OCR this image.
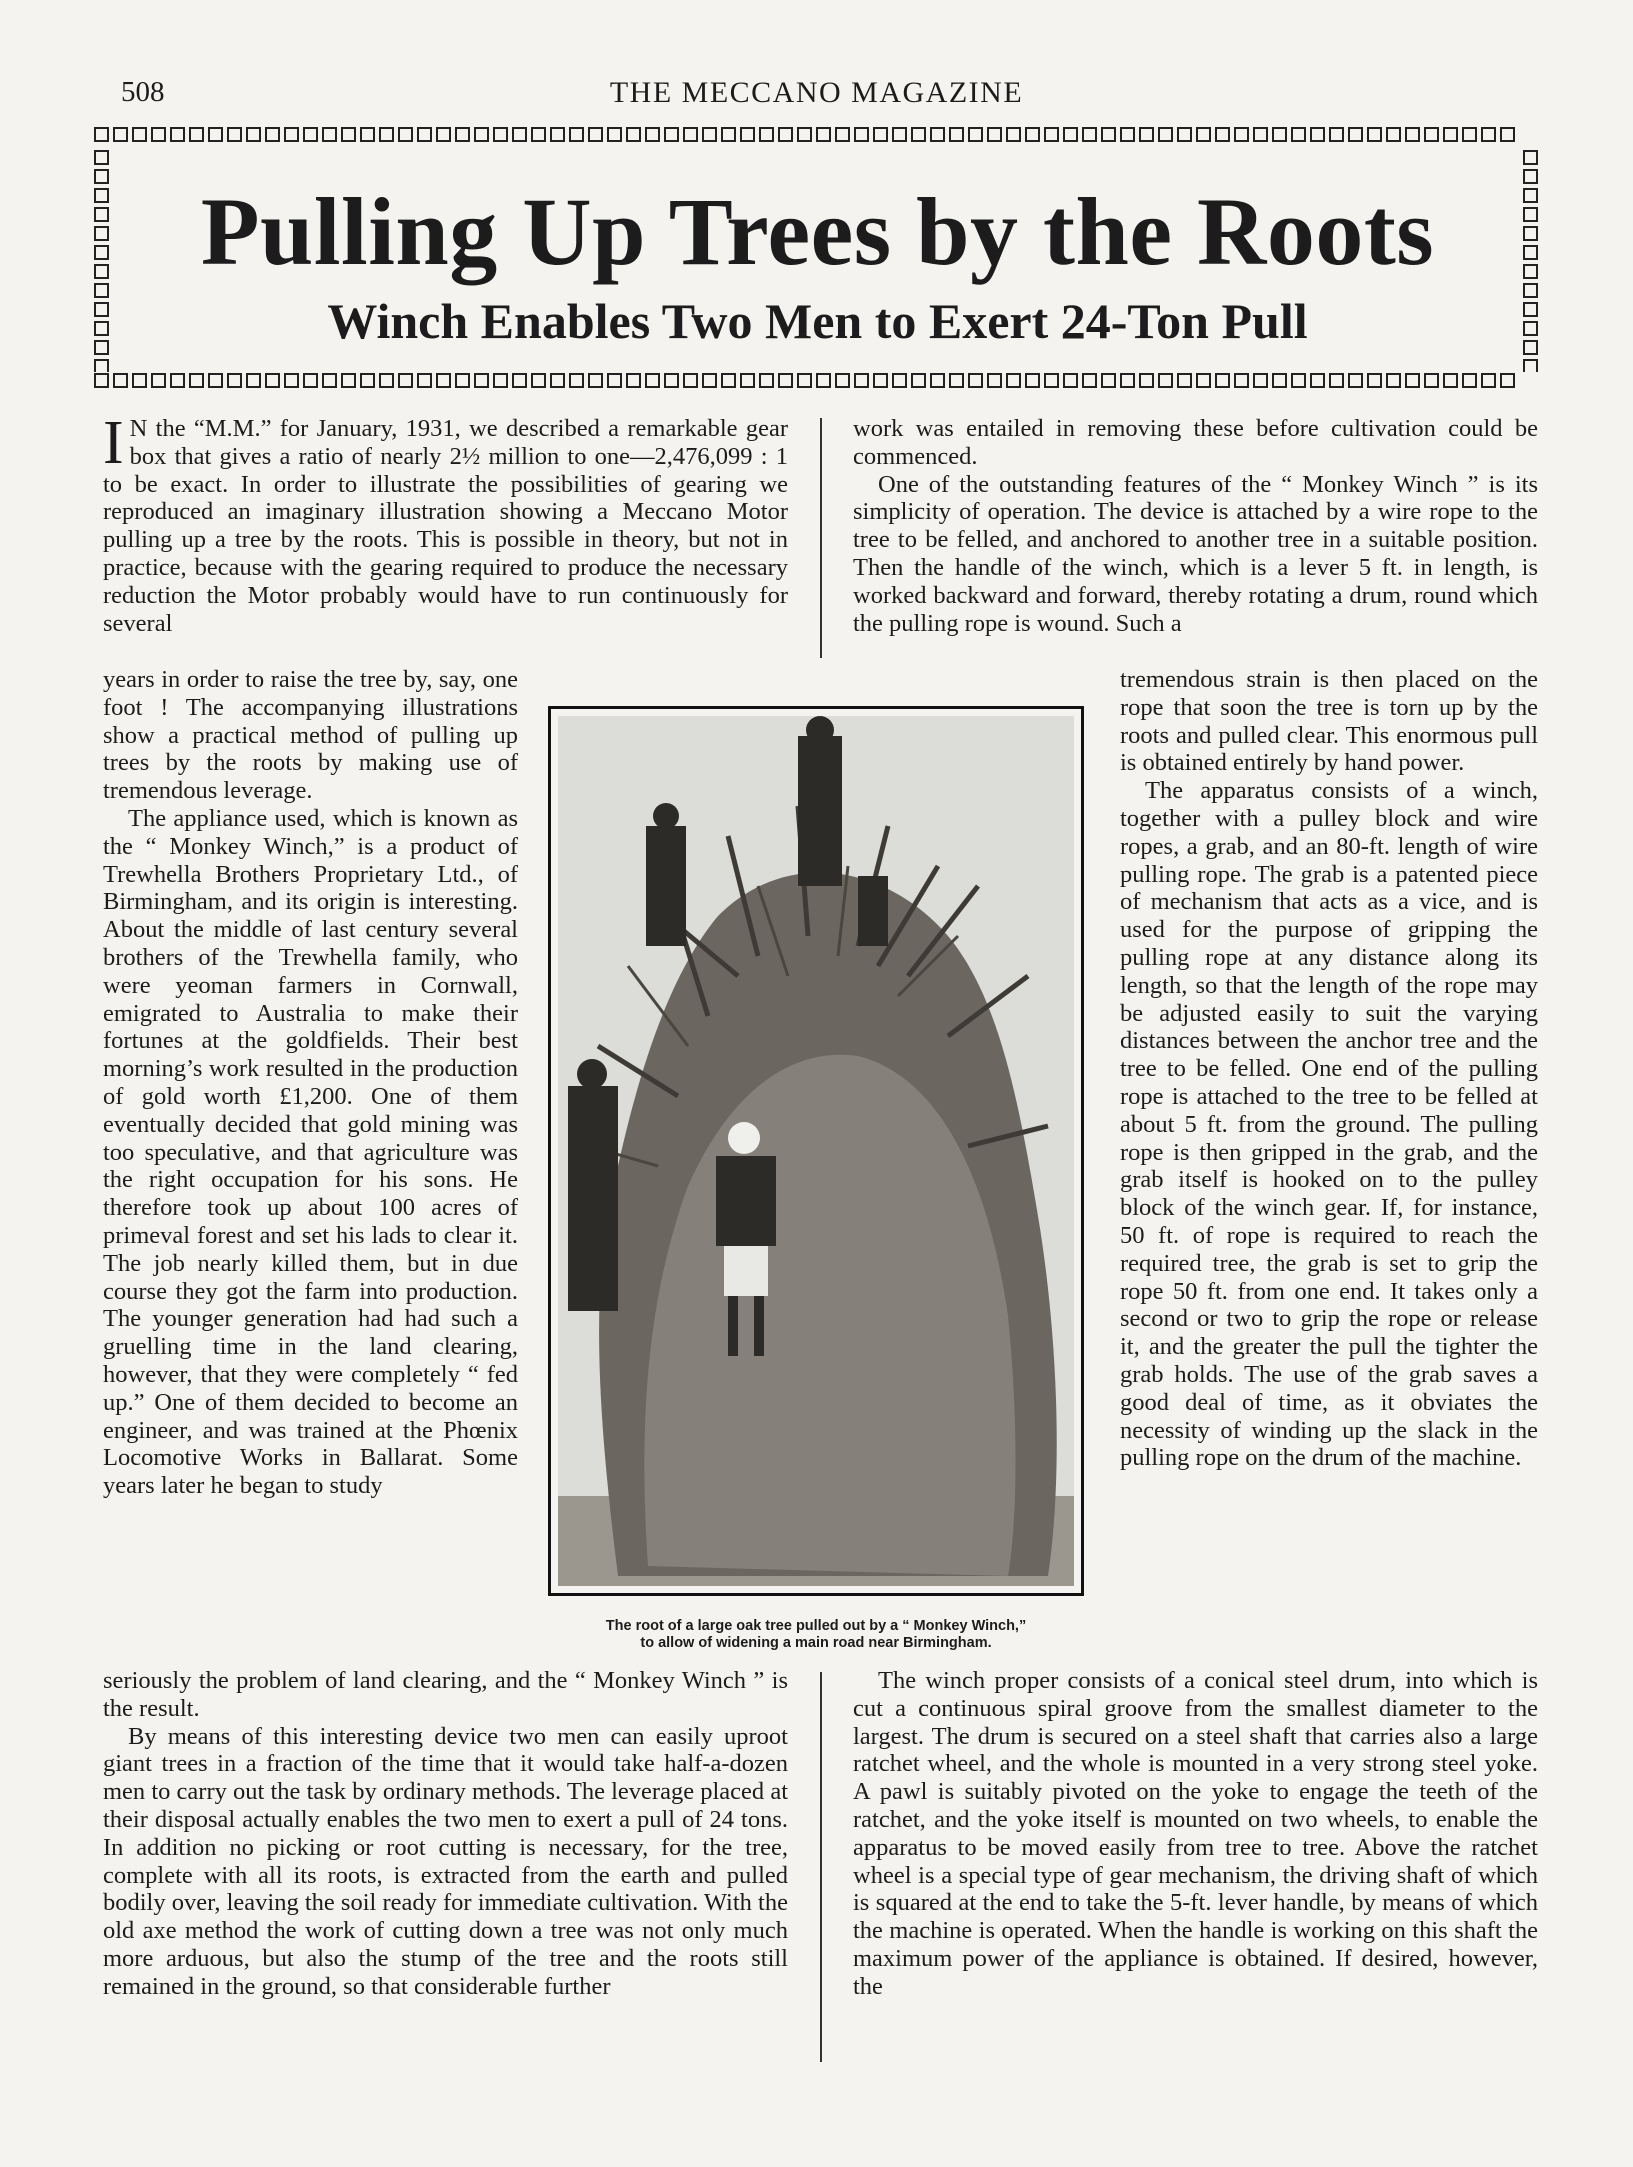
508	THE MECCANO MAGAZINE
Pulling Up Trees by the Roots
Winch Enables Two Men to Exert 24-Ton Pull

I N the “M.M.” for January, 1931, we described a remarkable gear box that gives a ratio of nearly 2½ million to one—2,476,099 : 1 to be exact. In order to illustrate the possibilities of gearing we reproduced an imaginary illustration showing a Meccano Motor pulling up a tree by the roots. This is possible in theory, but not in practice, because with the gearing required to produce the necessary reduction the Motor probably would have to run continuously for several

years in order to raise the tree by, say, one foot ! The accompanying illustrations show a practical method of pulling up trees by the roots by making use of tremendous leverage.

The appliance used, which is known as the “ Monkey Winch,” is a product of Trewhella Brothers Proprietary Ltd., of Birmingham, and its origin is interesting. About the middle of last century several brothers of the Trewhella family, who were yeoman farmers in Cornwall, emigrated to Australia to make their fortunes at the goldfields. Their best morning’s work resulted in the production of gold worth £1,200. One of them eventually decided that gold mining was too speculative, and that agriculture was the right occupation for his sons. He therefore took up about 100 acres of primeval forest and set his lads to clear it. The job nearly killed them, but in due course they got the farm into production. The younger generation had had such a gruelling time in the land clearing, however, that they were completely “ fed up.” One of them decided to become an engineer, and was trained at the Phœnix Locomotive Works in Ballarat. Some years later he began to study

seriously the problem of land clearing, and the “ Monkey Winch ” is the result.

By means of this interesting device two men can easily uproot giant trees in a fraction of the time that it would take half-a-dozen men to carry out the task by ordinary methods. The leverage placed at their disposal actually enables the two men to exert a pull of 24 tons. In addition no picking or root cutting is necessary, for the tree, complete with all its roots, is extracted from the earth and pulled bodily over, leaving the soil ready for immediate cultivation. With the old axe method the work of cutting down a tree was not only much more arduous, but also the stump of the tree and the roots still remained in the ground, so that considerable further

work was entailed in removing these before cultivation could be commenced.

One of the outstanding features of the “ Monkey Winch ” is its simplicity of operation. The device is attached by a wire rope to the tree to be felled, and anchored to another tree in a suitable position. Then the handle of the winch, which is a lever 5 ft. in length, is worked backward and forward, thereby rotating a drum, round which the pulling rope is wound. Such a

tremendous strain is then placed on the rope that soon the tree is torn up by the roots and pulled clear. This enormous pull is obtained entirely by hand power.

The apparatus consists of a winch, together with a pulley block and wire ropes, a grab, and an 80-ft. length of wire pulling rope. The grab is a patented piece of mechanism that acts as a vice, and is used for the purpose of gripping the pulling rope at any distance along its length, so that the length of the rope may be adjusted easily to suit the varying distances between the anchor tree and the tree to be felled. One end of the pulling rope is attached to the tree to be felled at about 5 ft. from the ground. The pulling rope is then gripped in the grab, and the grab itself is hooked on to the pulley block of the winch gear. If, for instance, 50 ft. of rope is required to reach the required tree, the grab is set to grip the rope 50 ft. from one end. It takes only a second or two to grip the rope or release it, and the greater the pull the tighter the grab holds. The use of the grab saves a good deal of time, as it obviates the necessity of winding up the slack in the pulling rope on the drum of the machine.

The winch proper consists of a conical steel drum, into which is cut a continuous spiral groove from the smallest diameter to the largest. The drum is secured on a steel shaft that carries also a large ratchet wheel, and the whole is mounted in a very strong steel yoke. A pawl is suitably pivoted on the yoke to engage the teeth of the ratchet, and the yoke itself is mounted on two wheels, to enable the apparatus to be moved easily from tree to tree. Above the ratchet wheel is a special type of gear mechanism, the driving shaft of which is squared at the end to take the 5-ft. lever handle, by means of which the machine is operated. When the handle is working on this shaft the maximum power of the appliance is obtained. If desired, however, the

The root of a large oak tree pulled out by a “ Monkey Winch,”
to allow of widening a main road near Birmingham.
